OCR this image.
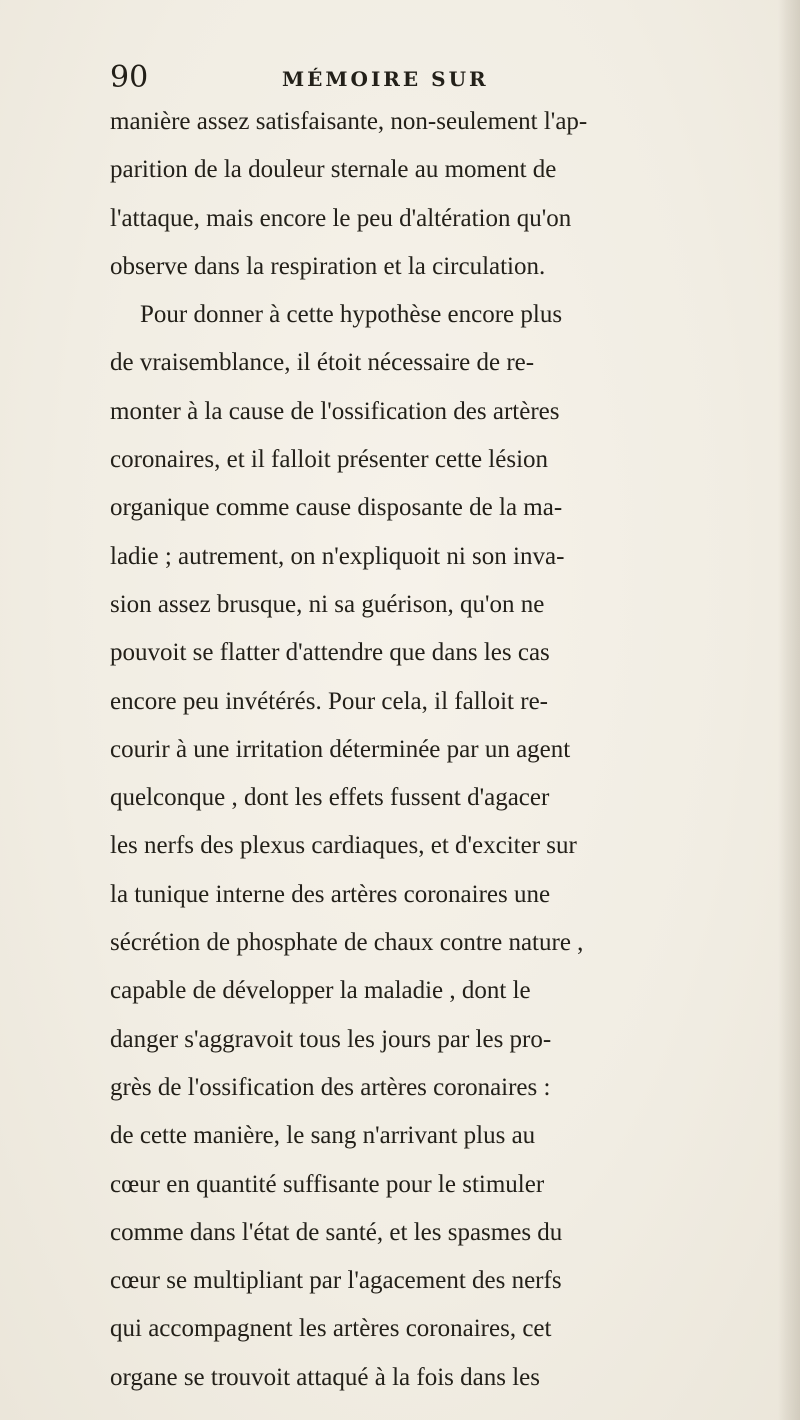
90	MÉMOIRE SUR
manière assez satisfaisante, non-seulement l'ap-
parition de la douleur sternale au moment de
l'attaque, mais encore le peu d'altération qu'on
observe dans la respiration et la circulation.
Pour donner à cette hypothèse encore plus
de vraisemblance, il étoit nécessaire de re-
monter à la cause de l'ossification des artères
coronaires, et il falloit présenter cette lésion
organique comme cause disposante de la ma-
ladie ; autrement, on n'expliquoit ni son inva-
sion assez brusque, ni sa guérison, qu'on ne
pouvoit se flatter d'attendre que dans les cas
encore peu invétérés. Pour cela, il falloit re-
courir à une irritation déterminée par un agent
quelconque , dont les effets fussent d'agacer
les nerfs des plexus cardiaques, et d'exciter sur
la tunique interne des artères coronaires une
sécrétion de phosphate de chaux contre nature ,
capable de développer la maladie , dont le
danger s'aggravoit tous les jours par les pro-
grès de l'ossification des artères coronaires :
de cette manière, le sang n'arrivant plus au
cœur en quantité suffisante pour le stimuler
comme dans l'état de santé, et les spasmes du
cœur se multipliant par l'agacement des nerfs
qui accompagnent les artères coronaires, cet
organe se trouvoit attaqué à la fois dans les
